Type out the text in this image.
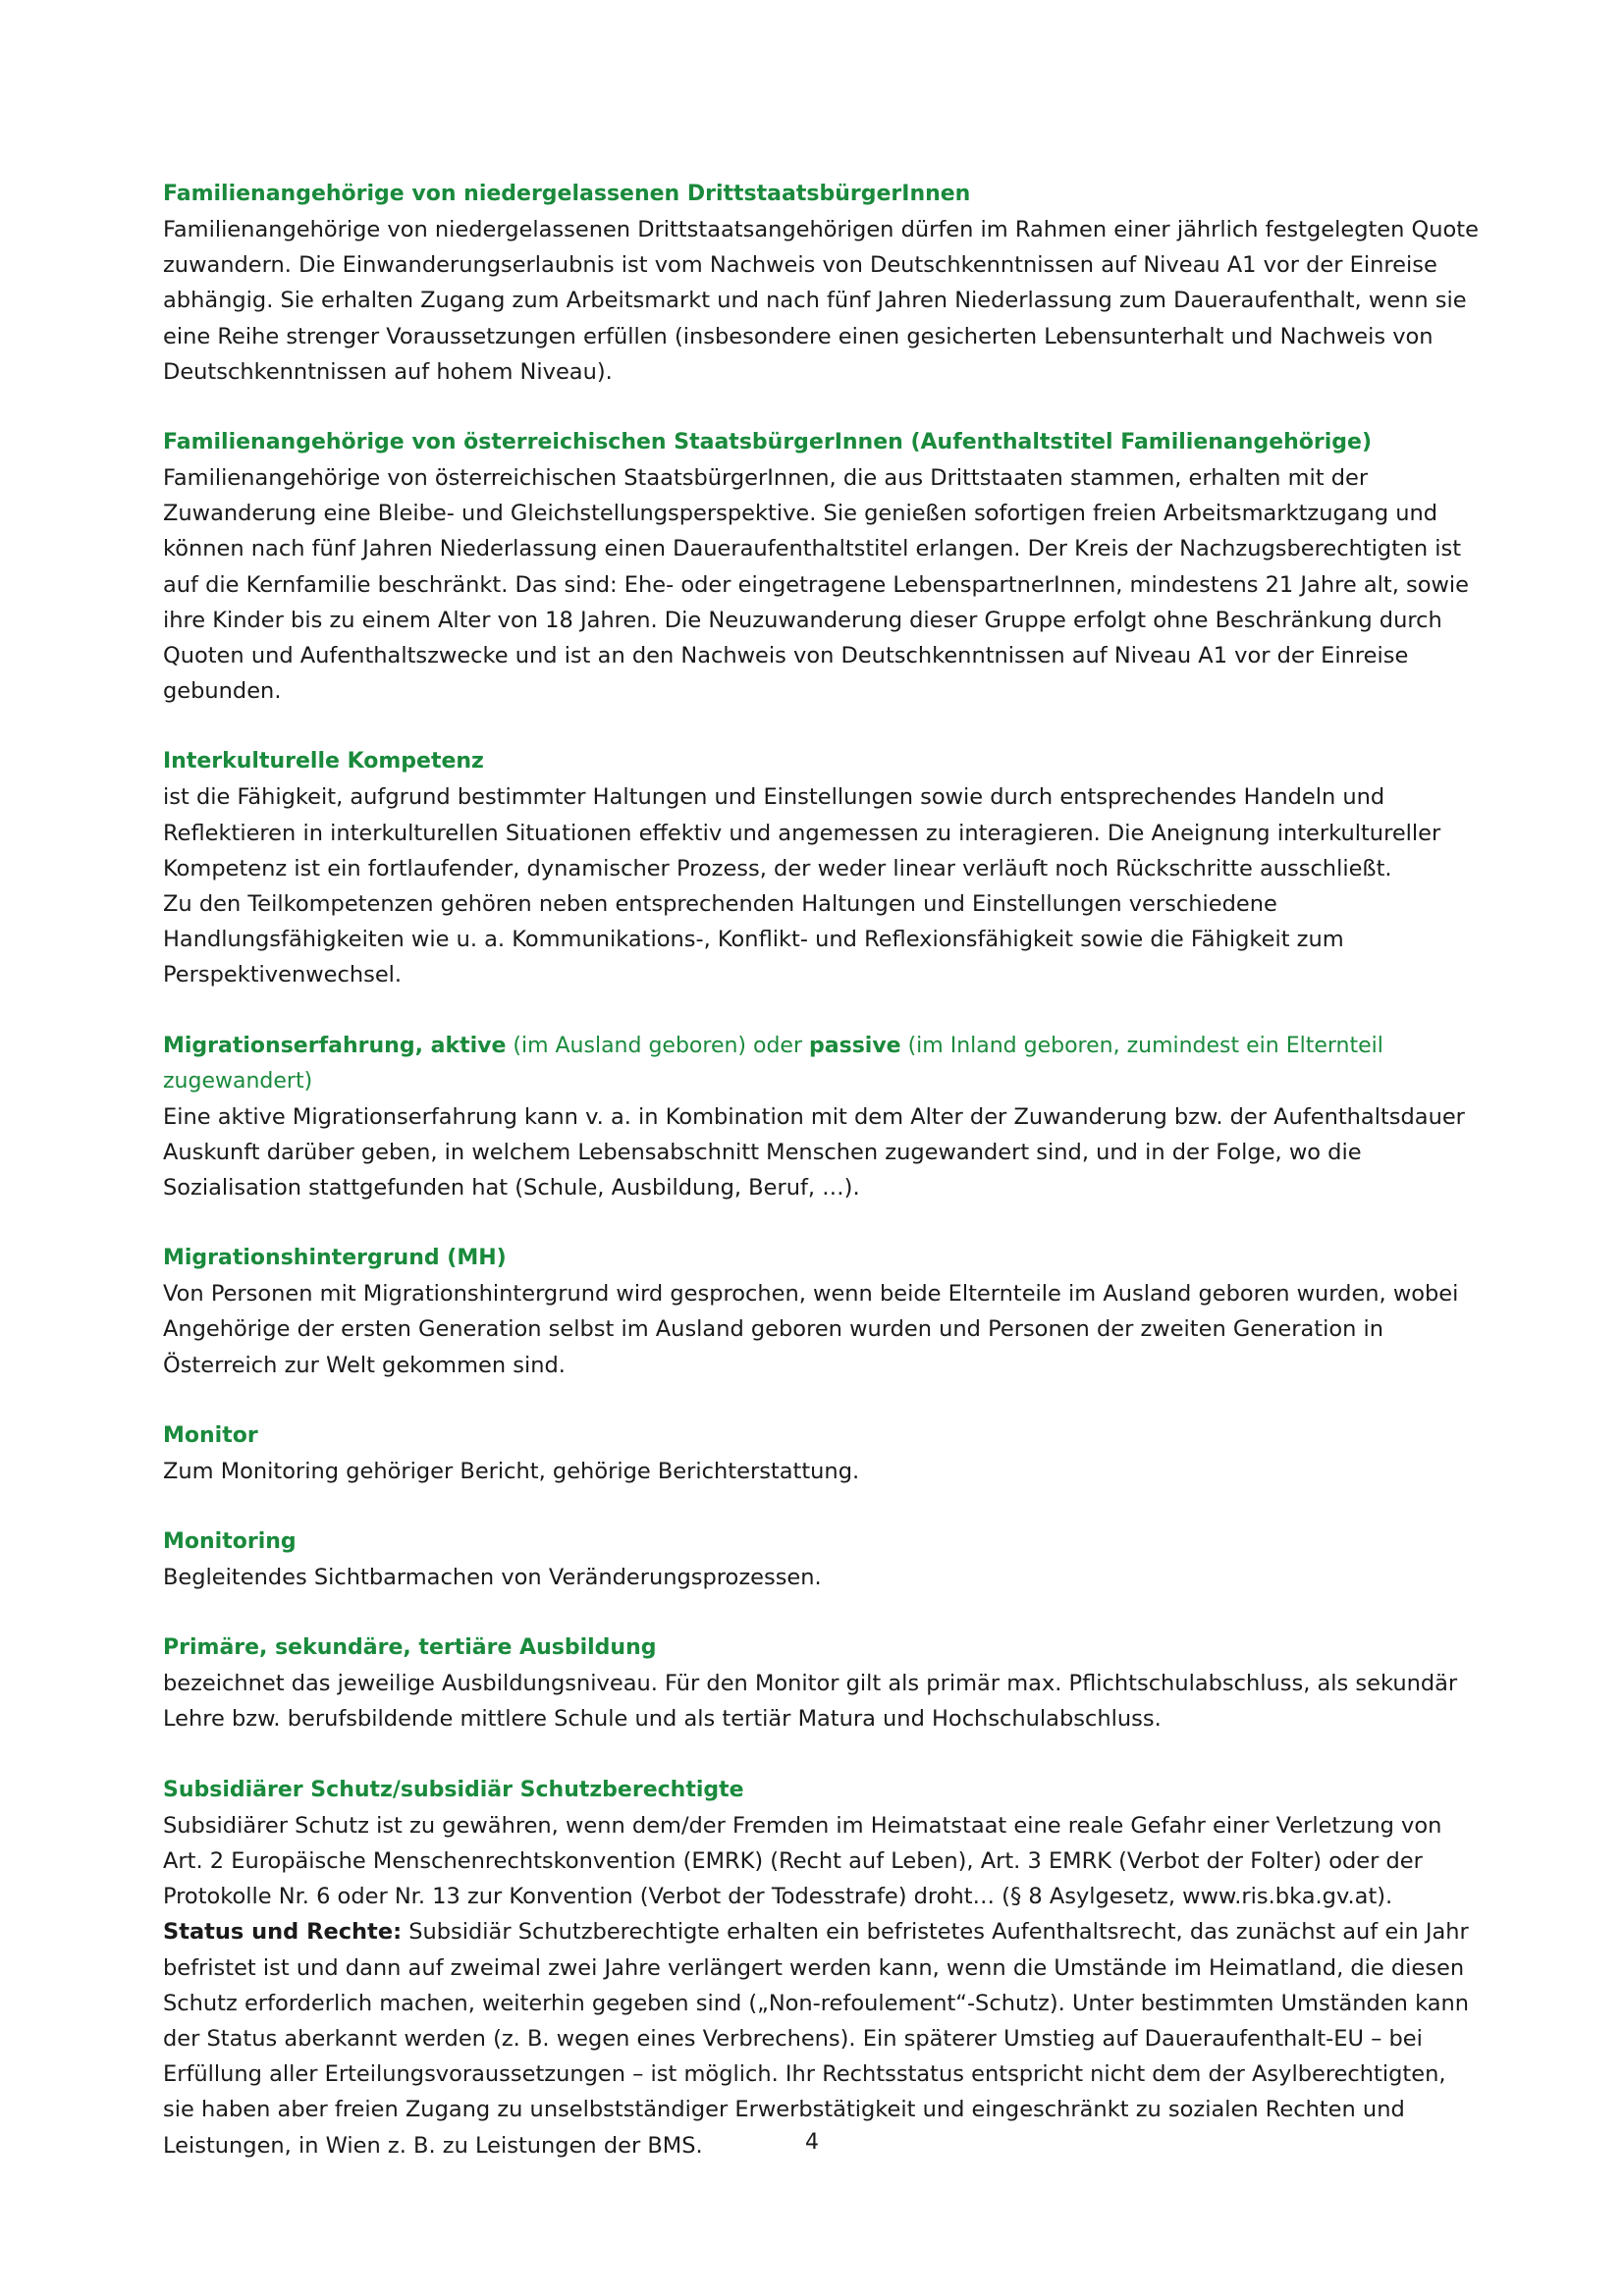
Familienangehörige von niedergelassenen DrittstaatsbürgerInnen

Familienangehörige von niedergelassenen Drittstaatsangehörigen dürfen im Rahmen einer jährlich festgelegten Quote zuwandern. Die Einwanderungserlaubnis ist vom Nachweis von Deutschkenntnissen auf Niveau A1 vor der Einreise abhängig. Sie erhalten Zugang zum Arbeitsmarkt und nach fünf Jahren Niederlassung zum Daueraufenthalt, wenn sie eine Reihe strenger Voraussetzungen erfüllen (insbesondere einen gesicherten Lebensunterhalt und Nachweis von Deutschkenntnissen auf hohem Niveau).

Familienangehörige von österreichischen StaatsbürgerInnen (Aufenthaltstitel Familienangehörige)

Familienangehörige von österreichischen StaatsbürgerInnen, die aus Drittstaaten stammen, erhalten mit der Zuwanderung eine Bleibe- und Gleichstellungsperspektive. Sie genießen sofortigen freien Arbeitsmarktzugang und können nach fünf Jahren Niederlassung einen Daueraufenthaltstitel erlangen. Der Kreis der Nachzugsberechtigten ist auf die Kernfamilie beschränkt. Das sind: Ehe- oder eingetragene LebenspartnerInnen, mindestens 21 Jahre alt, sowie ihre Kinder bis zu einem Alter von 18 Jahren. Die Neuzuwanderung dieser Gruppe erfolgt ohne Beschränkung durch Quoten und Aufenthaltszwecke und ist an den Nachweis von Deutschkenntnissen auf Niveau A1 vor der Einreise gebunden.

Interkulturelle Kompetenz

ist die Fähigkeit, aufgrund bestimmter Haltungen und Einstellungen sowie durch entsprechendes Handeln und Reflektieren in interkulturellen Situationen effektiv und angemessen zu interagieren. Die Aneignung interkultureller Kompetenz ist ein fortlaufender, dynamischer Prozess, der weder linear verläuft noch Rückschritte ausschließt.

Zu den Teilkompetenzen gehören neben entsprechenden Haltungen und Einstellungen verschiedene Handlungsfähigkeiten wie u. a. Kommunikations-, Konflikt- und Reflexionsfähigkeit sowie die Fähigkeit zum Perspektivenwechsel.

Migrationserfahrung, aktive (im Ausland geboren) oder passive (im Inland geboren, zumindest ein Elternteil zugewandert)

Eine aktive Migrationserfahrung kann v. a. in Kombination mit dem Alter der Zuwanderung bzw. der Aufenthaltsdauer Auskunft darüber geben, in welchem Lebensabschnitt Menschen zugewandert sind, und in der Folge, wo die Sozialisation stattgefunden hat (Schule, Ausbildung, Beruf, …).

Migrationshintergrund (MH)

Von Personen mit Migrationshintergrund wird gesprochen, wenn beide Elternteile im Ausland geboren wurden, wobei Angehörige der ersten Generation selbst im Ausland geboren wurden und Personen der zweiten Generation in Österreich zur Welt gekommen sind.

Monitor

Zum Monitoring gehöriger Bericht, gehörige Berichterstattung.

Monitoring

Begleitendes Sichtbarmachen von Veränderungsprozessen.

Primäre, sekundäre, tertiäre Ausbildung

bezeichnet das jeweilige Ausbildungsniveau. Für den Monitor gilt als primär max. Pflichtschulabschluss, als sekundär Lehre bzw. berufsbildende mittlere Schule und als tertiär Matura und Hochschulabschluss.

Subsidiärer Schutz/subsidiär Schutzberechtigte

Subsidiärer Schutz ist zu gewähren, wenn dem/der Fremden im Heimatstaat eine reale Gefahr einer Verletzung von Art. 2 Europäische Menschenrechtskonvention (EMRK) (Recht auf Leben), Art. 3 EMRK (Verbot der Folter) oder der Protokolle Nr. 6 oder Nr. 13 zur Konvention (Verbot der Todesstrafe) droht… (§ 8 Asylgesetz, www.ris.bka.gv.at).

Status und Rechte: Subsidiär Schutzberechtigte erhalten ein befristetes Aufenthaltsrecht, das zunächst auf ein Jahr befristet ist und dann auf zweimal zwei Jahre verlängert werden kann, wenn die Umstände im Heimatland, die diesen Schutz erforderlich machen, weiterhin gegeben sind („Non-refoulement“-Schutz). Unter bestimmten Umständen kann der Status aberkannt werden (z. B. wegen eines Verbrechens). Ein späterer Umstieg auf Daueraufenthalt-EU – bei Erfüllung aller Erteilungsvoraussetzungen – ist möglich. Ihr Rechtsstatus entspricht nicht dem der Asylberechtigten, sie haben aber freien Zugang zu unselbstständiger Erwerbstätigkeit und eingeschränkt zu sozialen Rechten und Leistungen, in Wien z. B. zu Leistungen der BMS.	4
